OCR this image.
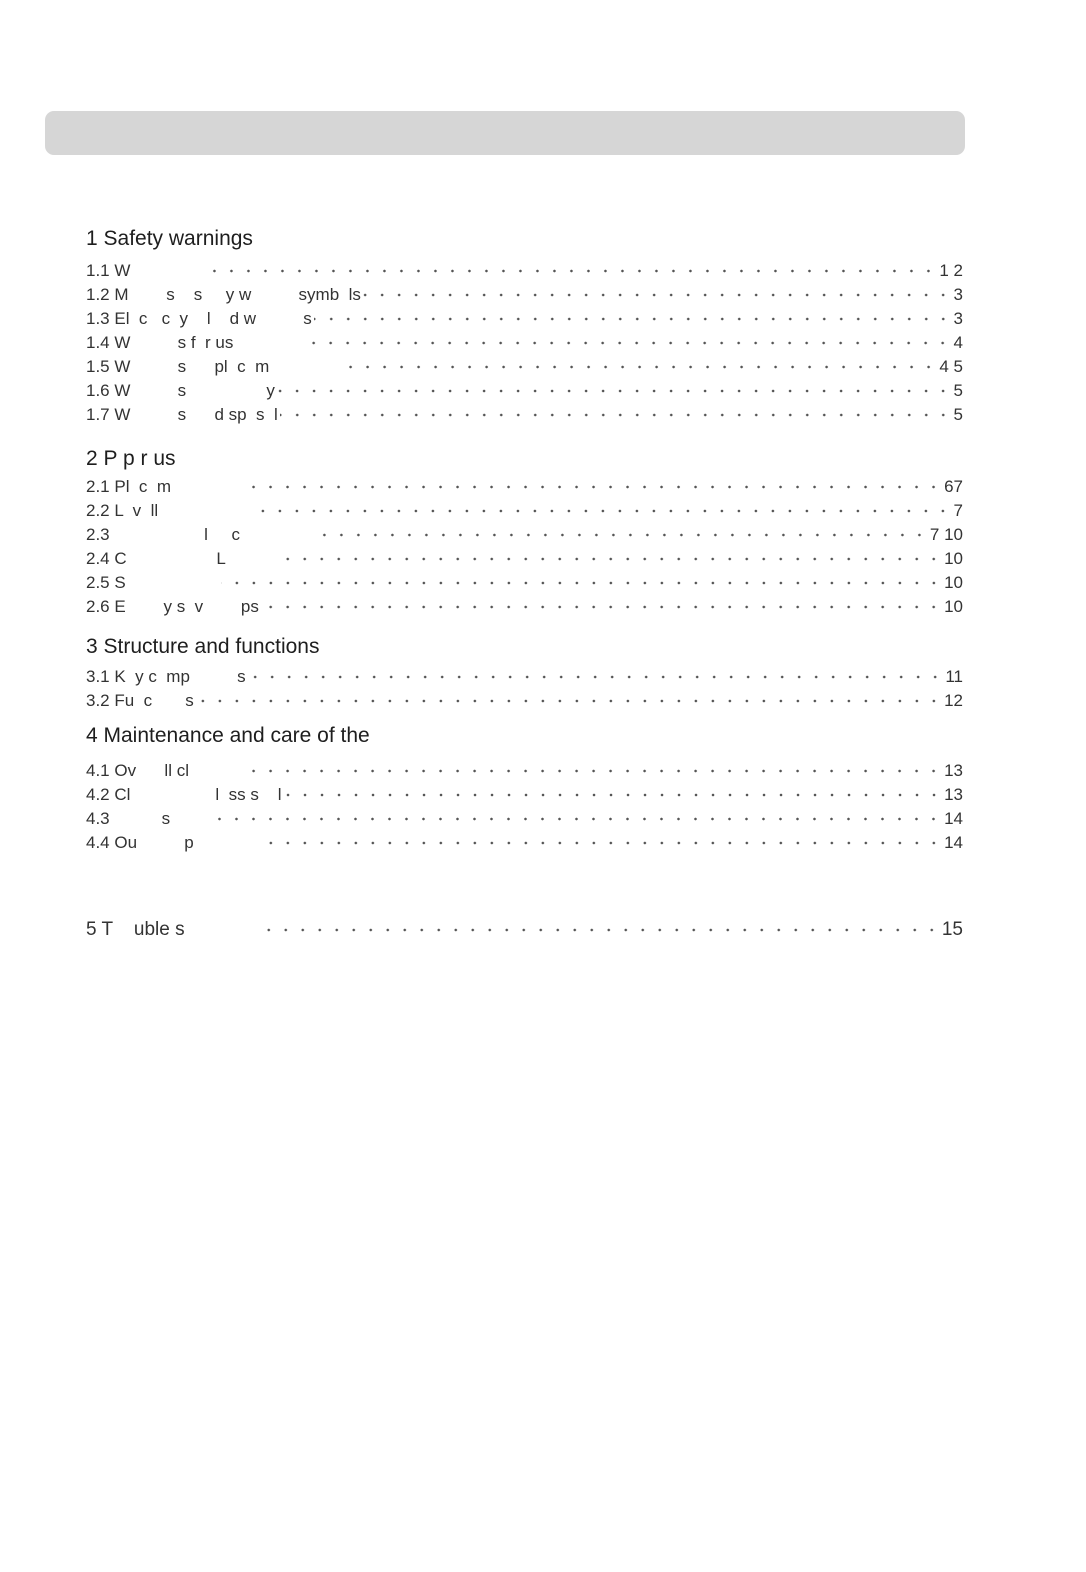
1 Safety warnings
1.1 W	1 2
1.2 M        s    s     y w          symb  ls	3
1.3 El  c   c  y    l    d w          s	3
1.4 W          s f  r us	4
1.5 W          s      pl  c  m	4 5
1.6 W          s                 y	5
1.7 W          s      d sp  s  l	5
2 P p r us
2.1 Pl  c  m	67
2.2 L  v  ll	7
2.3                    l     c	7 10
2.4 C                   L	10
2.5 S	10
2.6 E        y s  v        ps	10
3 Structure and functions
3.1 K  y c  mp          s	11
3.2 Fu  c       s	12
4 Maintenance and care of the
4.1 Ov      ll cl	13
4.2 Cl                  l  ss s    l	13
4.3           s	14
4.4 Ou          p	14
5 T    uble s	15
